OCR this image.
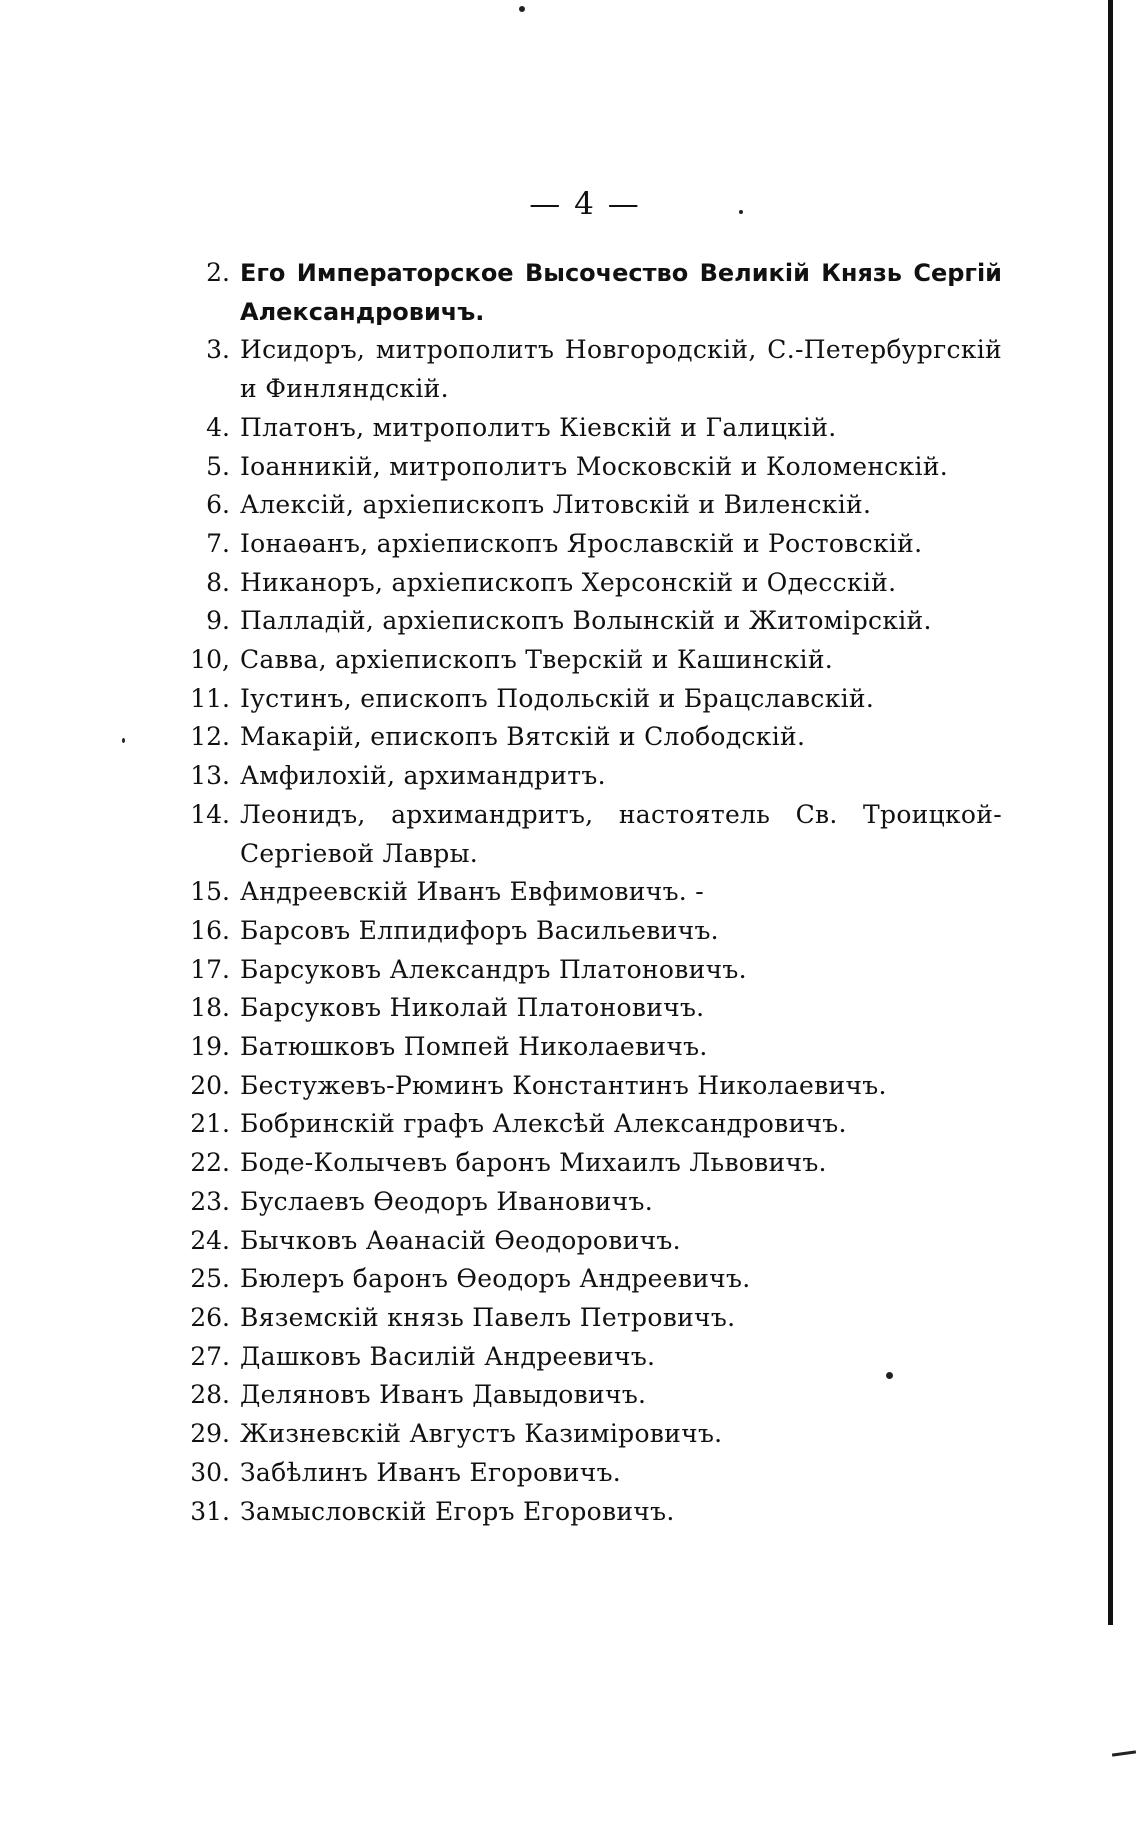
— 4 —
2. Его Императорское Высочество Великій Князь Сергій Александровичъ.
3. Исидоръ, митрополитъ Новгородскій, С.-Петербургскій и Финляндскій.
4. Платонъ, митрополитъ Кіевскій и Галицкій.
5. Іоанникій, митрополитъ Московскій и Коломенскій.
6. Алексій, архіепископъ Литовскій и Виленскій.
7. Іонаѳанъ, архіепископъ Ярославскій и Ростовскій.
8. Никаноръ, архіепископъ Херсонскій и Одесскій.
9. Палладій, архіепископъ Волынскій и Житомірскій.
10, Савва, архіепископъ Тверскій и Кашинскій.
11. Іустинъ, епископъ Подольскій и Брацславскій.
12. Макарій, епископъ Вятскій и Слободскій.
13. Амфилохій, архимандритъ.
14. Леонидъ, архимандритъ, настоятель Св. Троицкой-Сергіевой Лавры.
15. Андреевскій Иванъ Евфимовичъ. -
16. Барсовъ Елпидифоръ Васильевичъ.
17. Барсуковъ Александръ Платоновичъ.
18. Барсуковъ Николай Платоновичъ.
19. Батюшковъ Помпей Николаевичъ.
20. Бестужевъ-Рюминъ Константинъ Николаевичъ.
21. Бобринскій графъ Алексѣй Александровичъ.
22. Боде-Колычевъ баронъ Михаилъ Львовичъ.
23. Буслаевъ Ѳеодоръ Ивановичъ.
24. Бычковъ Аѳанасій Ѳеодоровичъ.
25. Бюлеръ баронъ Ѳеодоръ Андреевичъ.
26. Вяземскій князь Павелъ Петровичъ.
27. Дашковъ Василій Андреевичъ.
28. Деляновъ Иванъ Давыдовичъ.
29. Жизневскій Августъ Казиміровичъ.
30. Забѣлинъ Иванъ Егоровичъ.
31. Замысловскій Егоръ Егоровичъ.
